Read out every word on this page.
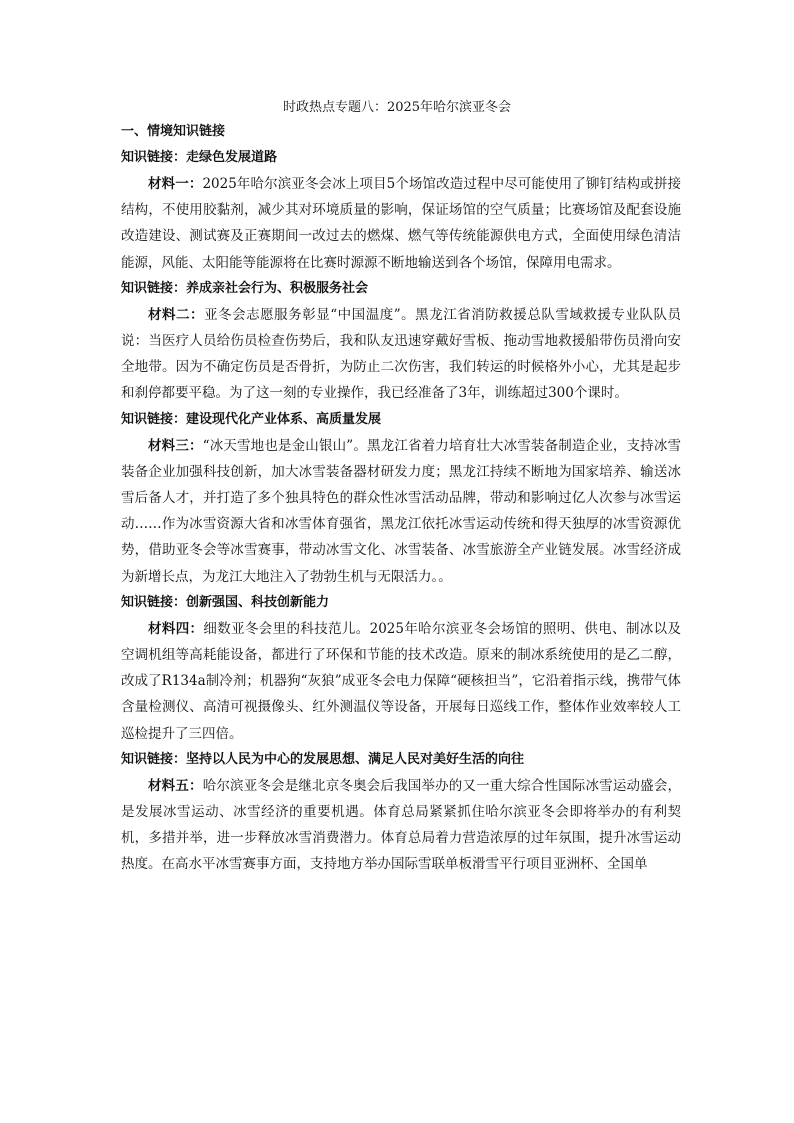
时政热点专题八：2025年哈尔滨亚冬会

一、情境知识链接

知识链接：走绿色发展道路

材料一：2025年哈尔滨亚冬会冰上项目5个场馆改造过程中尽可能使用了铆钉结构或拼接结构，不使用胶黏剂，减少其对环境质量的影响，保证场馆的空气质量；比赛场馆及配套设施改造建设、测试赛及正赛期间一改过去的燃煤、燃气等传统能源供电方式，全面使用绿色清洁能源，风能、太阳能等能源将在比赛时源源不断地输送到各个场馆，保障用电需求。

知识链接：养成亲社会行为、积极服务社会

材料二：亚冬会志愿服务彰显“中国温度”。黑龙江省消防救援总队雪域救援专业队队员说：当医疗人员给伤员检查伤势后，我和队友迅速穿戴好雪板、拖动雪地救援船带伤员滑向安全地带。因为不确定伤员是否骨折，为防止二次伤害，我们转运的时候格外小心，尤其是起步和刹停都要平稳。为了这一刻的专业操作，我已经准备了3年，训练超过300个课时。

知识链接：建设现代化产业体系、高质量发展

材料三：“冰天雪地也是金山银山”。黑龙江省着力培育壮大冰雪装备制造企业，支持冰雪装备企业加强科技创新，加大冰雪装备器材研发力度；黑龙江持续不断地为国家培养、输送冰雪后备人才，并打造了多个独具特色的群众性冰雪活动品牌，带动和影响过亿人次参与冰雪运动……作为冰雪资源大省和冰雪体育强省，黑龙江依托冰雪运动传统和得天独厚的冰雪资源优势，借助亚冬会等冰雪赛事，带动冰雪文化、冰雪装备、冰雪旅游全产业链发展。冰雪经济成为新增长点，为龙江大地注入了勃勃生机与无限活力。。

知识链接：创新强国、科技创新能力

材料四：细数亚冬会里的科技范儿。2025年哈尔滨亚冬会场馆的照明、供电、制冰以及空调机组等高耗能设备，都进行了环保和节能的技术改造。原来的制冰系统使用的是乙二醇，改成了R134a制冷剂；机器狗“灰狼”成亚冬会电力保障“硬核担当”，它沿着指示线，携带气体含量检测仪、高清可视摄像头、红外测温仪等设备，开展每日巡线工作，整体作业效率较人工巡检提升了三四倍。

知识链接：坚持以人民为中心的发展思想、满足人民对美好生活的向往

材料五：哈尔滨亚冬会是继北京冬奥会后我国举办的又一重大综合性国际冰雪运动盛会，是发展冰雪运动、冰雪经济的重要机遇。体育总局紧紧抓住哈尔滨亚冬会即将举办的有利契机，多措并举，进一步释放冰雪消费潜力。体育总局着力营造浓厚的过年氛围，提升冰雪运动热度。在高水平冰雪赛事方面，支持地方举办国际雪联单板滑雪平行项目亚洲杯、全国单
